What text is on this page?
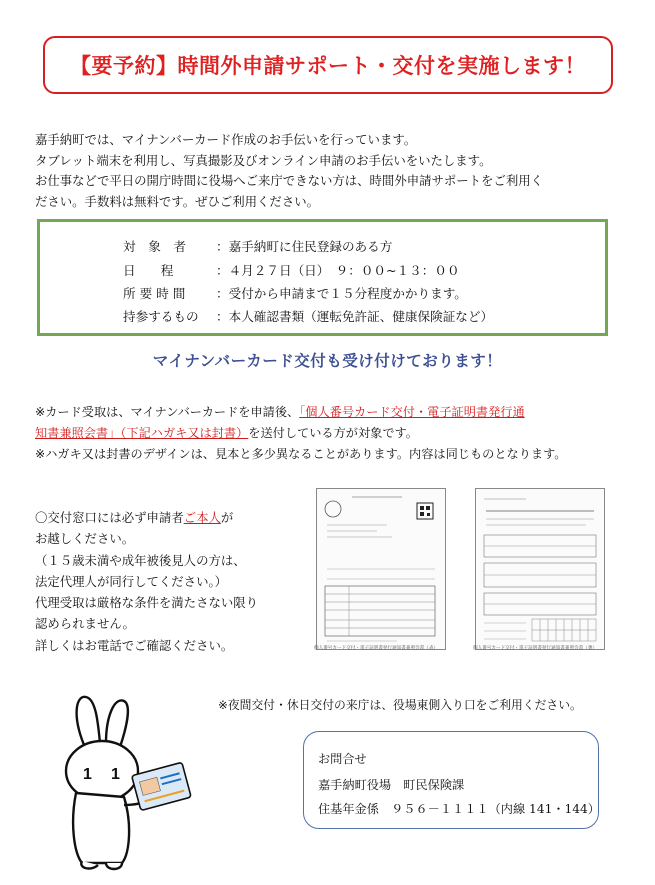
【要予約】時間外申請サポート・交付を実施します！

嘉手納町では、マイナンバーカード作成のお手伝いを行っています。

タブレット端末を利用し、写真撮影及びオンライン申請のお手伝いをいたします。

お仕事などで平日の開庁時間に役場へご来庁できない方は、時間外申請サポートをご利用く

ださい。手数料は無料です。ぜひご利用ください。

対　象　者	：嘉手納町に住民登録のある方
日　　程	：４月２７日（日）　９：００~１３：００
所 要 時 間	：受付から申請まで１５分程度かかります。
持参するもの	：本人確認書類（運転免許証、健康保険証など）
マイナンバーカード交付も受け付けております！

※カード受取は、マイナンバーカードを申請後、「個人番号カード交付・電子証明書発行通

知書兼照会書」（下記ハガキ又は封書）を送付している方が対象です。

※ハガキ又は封書のデザインは、見本と多少異なることがあります。内容は同じものとなります。

〇交付窓口には必ず申請者ご本人が

お越しください。

（１５歳未満や成年被後見人の方は、

法定代理人が同行してください。）

代理受取は厳格な条件を満たさない限り

認められません。

詳しくはお電話でご確認ください。	個人番号カード交付・電子証明書発行通知書兼照会書（表）	個人番号カード交付・電子証明書発行通知書兼照会書（裏）
※夜間交付・休日交付の来庁は、役場東側入り口をご利用ください。
1 1
お問合せ
嘉手納町役場　町民保険課
住基年金係　９５６－１１１１（内線 141・144）
